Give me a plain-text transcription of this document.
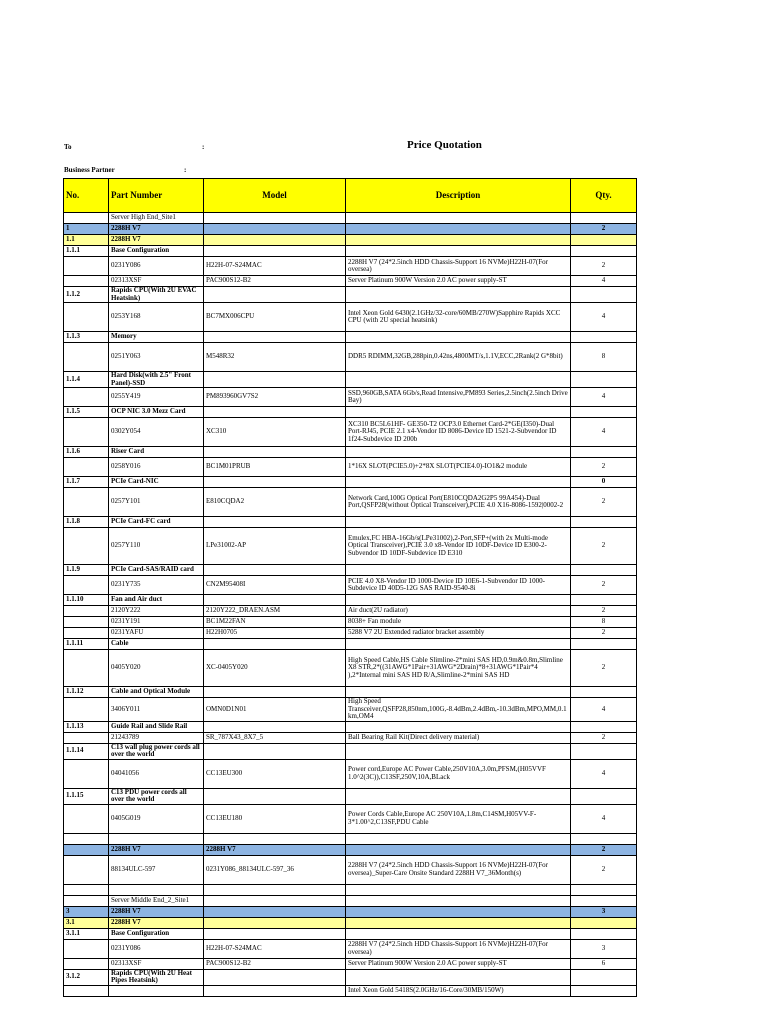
Price Quotation
To	:
Business Partner	:
No.	Part Number	Model	Description	Qty.
	Server High End_Site1			
1	2288H V7			2
1.1	2288H V7			
1.1.1	Base Configuration			
	0231Y086	H22H-07-S24MAC	2288H V7 (24*2.5inch HDD Chassis-Support 16 NVMe)H22H-07(For oversea)	2
	02313XSF	PAC900S12-B2	Server Platinum 900W Version 2.0 AC power supply-ST	4
1.1.2	Rapids CPU(With 2U EVAC Heatsink)			
	0253Y168	BC7MX006CPU	Intel Xeon Gold 6430(2.1GHz/32-core/60MB/270W)Sapphire Rapids XCC CPU (with 2U special heatsink)	4
1.1.3	Memory			
	0251Y063	M548R32	DDR5 RDIMM,32GB,288pin,0.42ns,4800MT/s,1.1V,ECC,2Rank(2 G*8bit)	8
1.1.4	Hard Disk(with 2.5" Front Panel)-SSD			
	0255Y419	PM893960GV7S2	SSD,960GB,SATA 6Gb/s,Read Intensive,PM893 Series,2.5inch(2.5inch Drive Bay)	4
1.1.5	OCP NIC 3.0 Mezz Card			
	0302Y054	XC310	XC310 BC5L61HF- GE350-T2 OCP3.0 Ethernet Card-2*GE(I350)-Dual Port-RJ45, PCIE 2.1 x4-Vendor ID 8086-Device ID 1521-2-Subvendor ID 1f24-Subdevice ID 200b	4
1.1.6	Riser Card			
	0258Y016	BC1M01PRUB	1*16X SLOT(PCIE5.0)+2*8X SLOT(PCIE4.0)-IO1&2 module	2
1.1.7	PCIe Card-NIC			0
	0257Y101	E810CQDA2	Network Card,100G Optical Port(E810CQDA2G2P5 99A454)-Dual Port,QSFP28(without Optical Transceiver),PCIE 4.0 X16-8086-1592|0002-2	2
1.1.8	PCIe Card-FC card			
	0257Y110	LPe31002-AP	Emulex,FC HBA-16Gb/s(LPe31002),2-Port,SFP+(with 2x Multi-mode Optical Transceiver),PCIE 3.0 x8-Vendor ID 10DF-Device ID E300-2-Subvendor ID 10DF-Subdevice ID E310	2
1.1.9	PCIe Card-SAS/RAID card			
	0231Y735	CN2M95408I	PCIE 4.0 X8-Vendor ID 1000-Device ID 10E6-1-Subvendor ID 1000-Subdevice ID 40D5-12G SAS RAID-9540-8i	2
1.1.10	Fan and Air duct			
	2120Y222	2120Y222_DRAEN.ASM	Air duct(2U radiator)	2
	0231Y191	BC1M22FAN	8038+ Fan module	8
	0231YAFU	H22H0705	5288 V7 2U Extended radiator bracket assembly	2
1.1.11	Cable			
	0405Y020	XC-0405Y020	High Speed Cable,HS Cable Slimline-2*mini SAS HD,0.9m&0.8m,Slimline X8 STR,2*((31AWG*1Pair+31AWG*2Drain)*8+31AWG*1Pair*4 ),2*Internal mini SAS HD R/A,Slimline-2*mini SAS HD	2
1.1.12	Cable and Optical Module			
	3406Y011	OMN0D1N01	High Speed Transceiver,QSFP28,850nm,100G,-8.4dBm,2.4dBm,-10.3dBm,MPO,MM,0.1km,OM4	4
1.1.13	Guide Rail and Slide Rail			
	21243789	SR_787X43_8X7_5	Ball Bearing Rail Kit(Direct delivery material)	2
1.1.14	C13 wall plug power cords all over the world			
	04041056	CC13EU300	Power cord,Europe AC Power Cable,250V10A,3.0m,PFSM,(H05VVF 1.0^2(3C)),C13SF,250V,10A,BLack	4
1.1.15	C13 PDU power cords all over the world			
	0405G019	CC13EU180	Power Cords Cable,Europe AC 250V10A,1.8m,C14SM,H05VV-F- 3*1.00^2,C13SF,PDU Cable	4

	2288H V7	2288H V7		2
	88134ULC-597	0231Y086_88134ULC-597_36	2288H V7 (24*2.5inch HDD Chassis-Support 16 NVMe)H22H-07(For oversea)_Super-Care Onsite Standard 2288H V7_36Month(s)	2

	Server Middle End_2_Site1			
3	2288H V7			3
3.1	2288H V7			
3.1.1	Base Configuration			
	0231Y086	H22H-07-S24MAC	2288H V7 (24*2.5inch HDD Chassis-Support 16 NVMe)H22H-07(For oversea)	3
	02313XSF	PAC900S12-B2	Server Platinum 900W Version 2.0 AC power supply-ST	6
3.1.2	Rapids CPU(With 2U Heat Pipes Heatsink)			
			Intel Xeon Gold 5418S(2.0GHz/16-Core/30MB/150W)	
